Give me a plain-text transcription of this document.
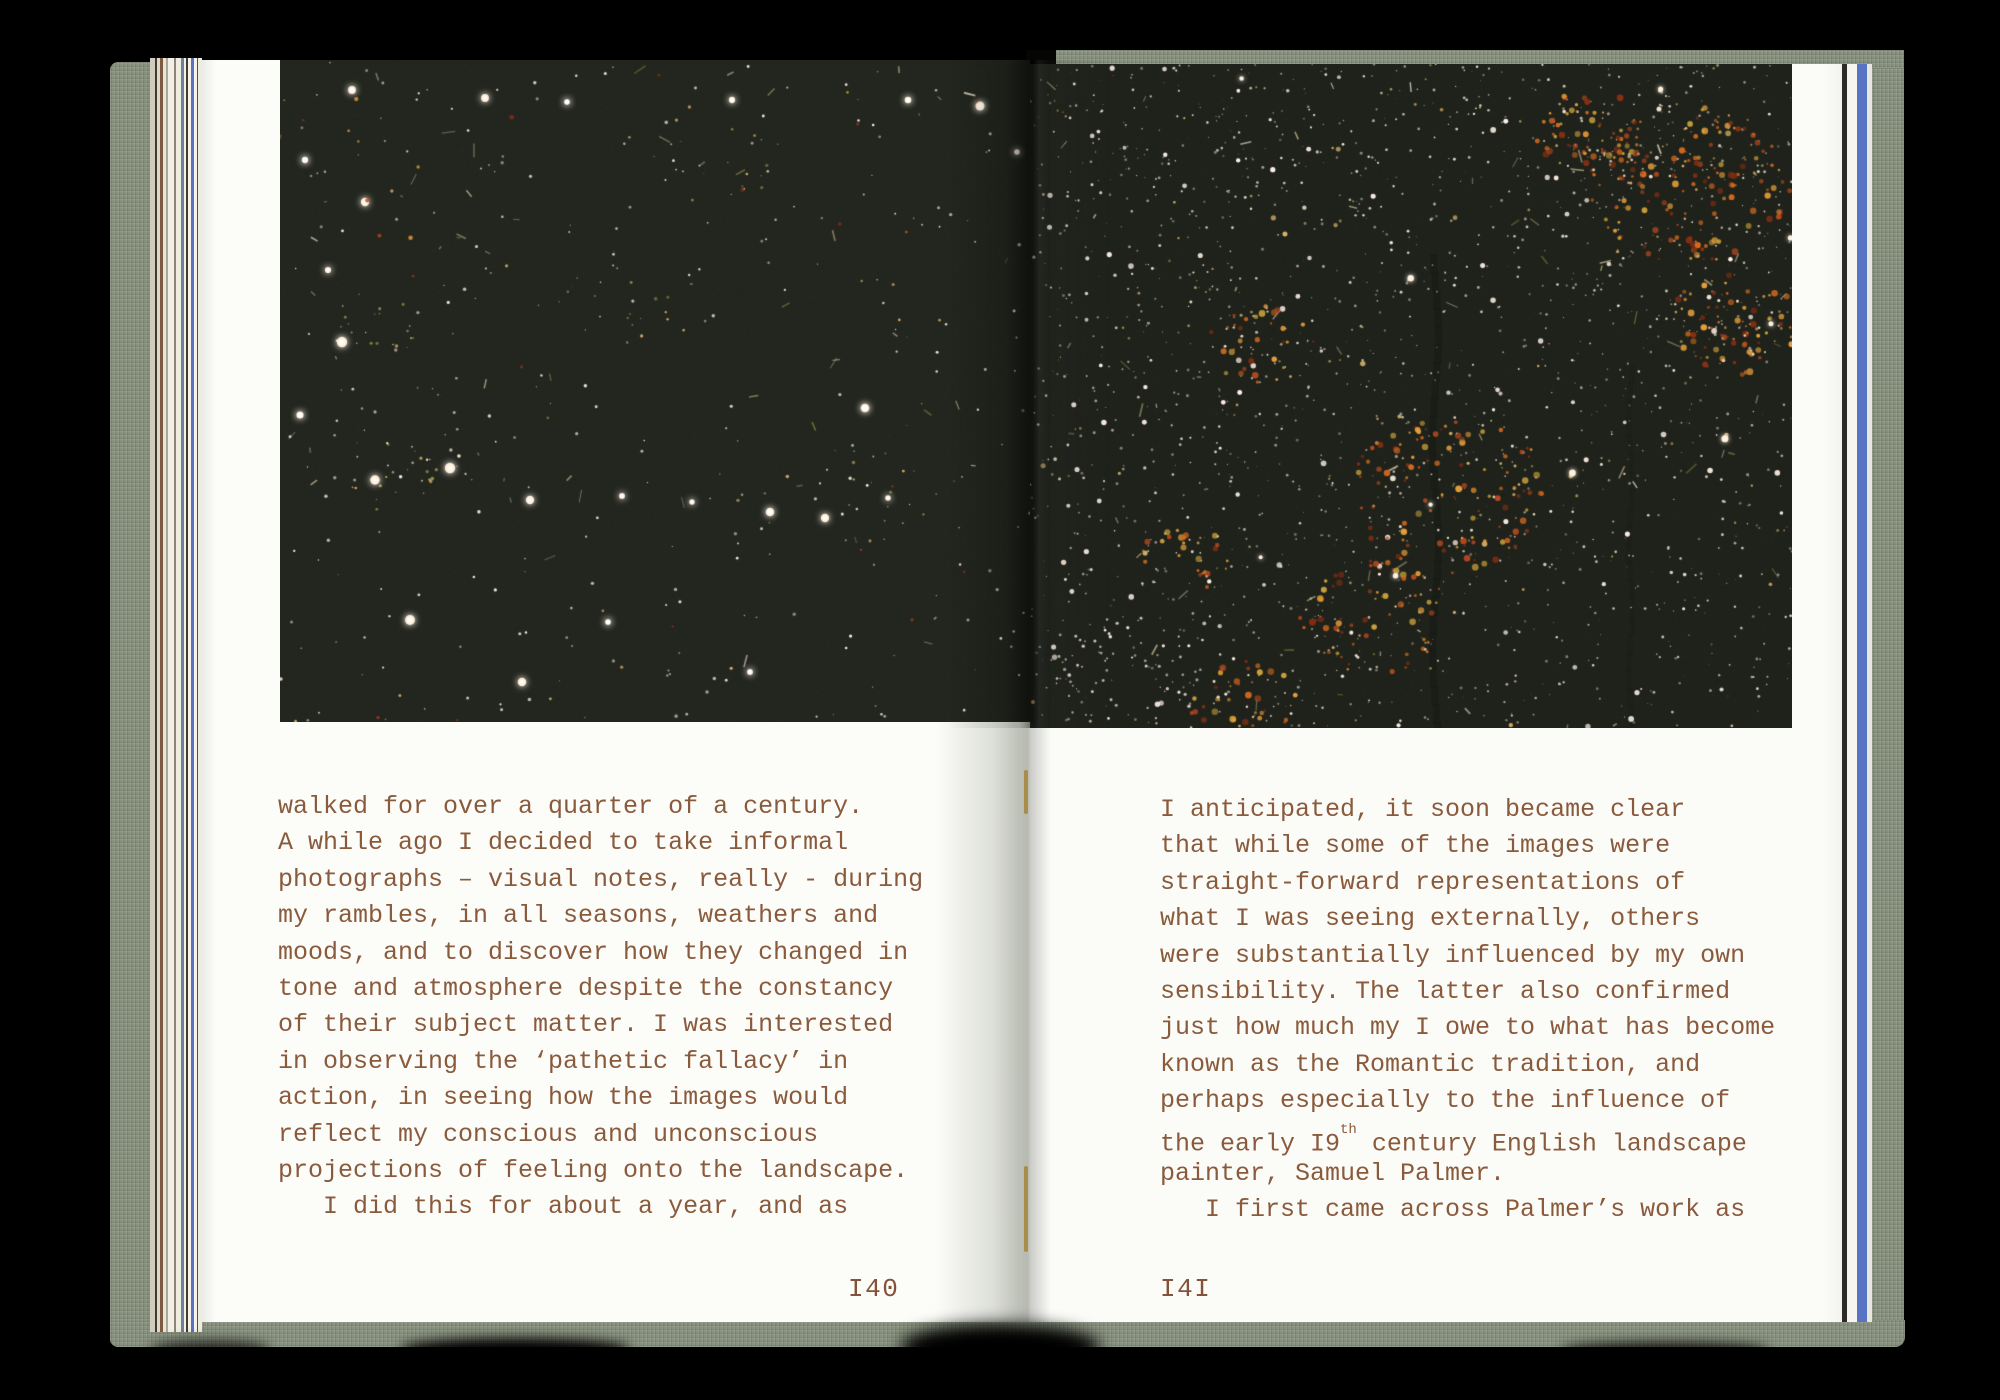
walked for over a quarter of a century.
A while ago I decided to take informal
photographs – visual notes, really - during
my rambles, in all seasons, weathers and
moods, and to discover how they changed in
tone and atmosphere despite the constancy
of their subject matter. I was interested
in observing the ‘pathetic fallacy’ in
action, in seeing how the images would
reflect my conscious and unconscious
projections of feeling onto the landscape.
I did this for about a year, and as
I anticipated, it soon became clear
that while some of the images were
straight-forward representations of
what I was seeing externally, others
were substantially influenced by my own
sensibility. The latter also confirmed
just how much my I owe to what has become
known as the Romantic tradition, and
perhaps especially to the influence of
the early I9th century English landscape
painter, Samuel Palmer.
I first came across Palmer’s work as
I40	I4I
